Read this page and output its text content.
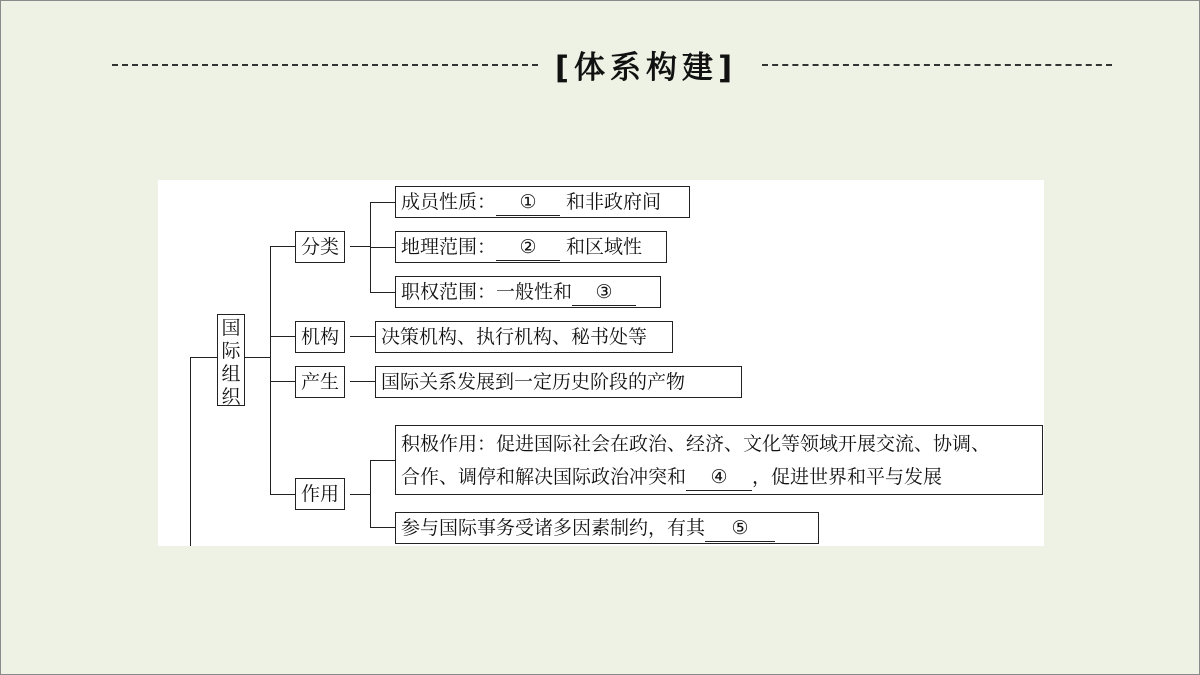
[体系构建]
国
际
组
织
分类
机构
产生
作用
成员性质： ① 和非政府间
地理范围： ② 和区域性
职权范围：一般性和 ③
决策机构、执行机构、秘书处等
国际关系发展到一定历史阶段的产物
积极作用：促进国际社会在政治、经济、文化等领域开展交流、协调、
合作、调停和解决国际政治冲突和 ④ ，促进世界和平与发展
参与国际事务受诸多因素制约，有其 ⑤
